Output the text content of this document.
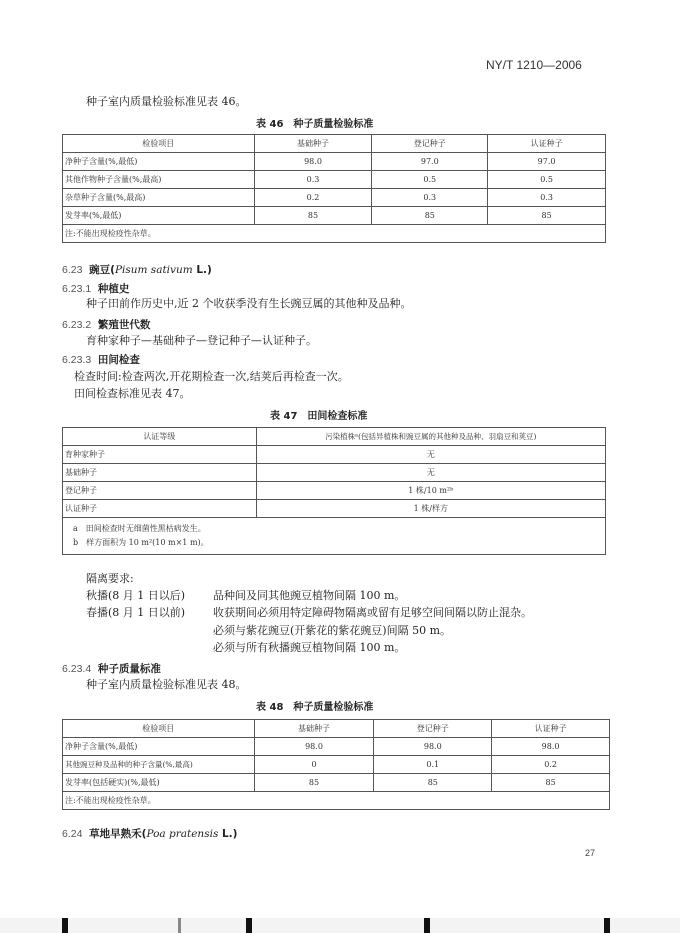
NY/T 1210—2006
种子室内质量检验标准见表 46。
表 46　种子质量检验标准
检验项目	基础种子	登记种子	认证种子
净种子含量(%,最低)	98.0	97.0	97.0
其他作物种子含量(%,最高)	0.3	0.5	0.5
杂草种子含量(%,最高)	0.2	0.3	0.3
发芽率(%,最低)	85	85	85
注:不能出现检疫性杂草。			
6.23 豌豆(Pisum sativum L.)
6.23.1 种植史
种子田前作历史中,近 2 个收获季没有生长豌豆属的其他种及品种。
6.23.2 繁殖世代数
育种家种子—基础种子—登记种子—认证种子。
6.23.3 田间检查
检查时间:检查两次,开花期检查一次,结荚后再检查一次。
田间检查标准见表 47。
表 47　田间检查标准
认证等级	污染植株ᵃ(包括异植株和豌豆属的其他种及品种、羽扇豆和荚豆)
育种家种子	无
基础种子	无
登记种子	1 株/10 m²ᵇ
认证种子	1 株/样方

a　田间检查时无细菌性黑枯病发生。
b　样方面积为 10 m²(10 m×1 m)。	
隔离要求:
秋播(8 月 1 日以后)	品种间及同其他豌豆植物间隔 100 m。
春播(8 月 1 日以前)	收获期间必须用特定障碍物隔离或留有足够空间间隔以防止混杂。
必须与紫花豌豆(开紫花的紫花豌豆)间隔 50 m。
必须与所有秋播豌豆植物间隔 100 m。
6.23.4 种子质量标准
种子室内质量检验标准见表 48。
表 48　种子质量检验标准
检验项目	基础种子	登记种子	认证种子
净种子含量(%,最低)	98.0	98.0	98.0
其他豌豆种及品种的种子含量(%,最高)	0	0.1	0.2
发芽率(包括硬实)(%,最低)	85	85	85
注:不能出现检疫性杂草。			
6.24 草地早熟禾(Poa pratensis L.)
27
